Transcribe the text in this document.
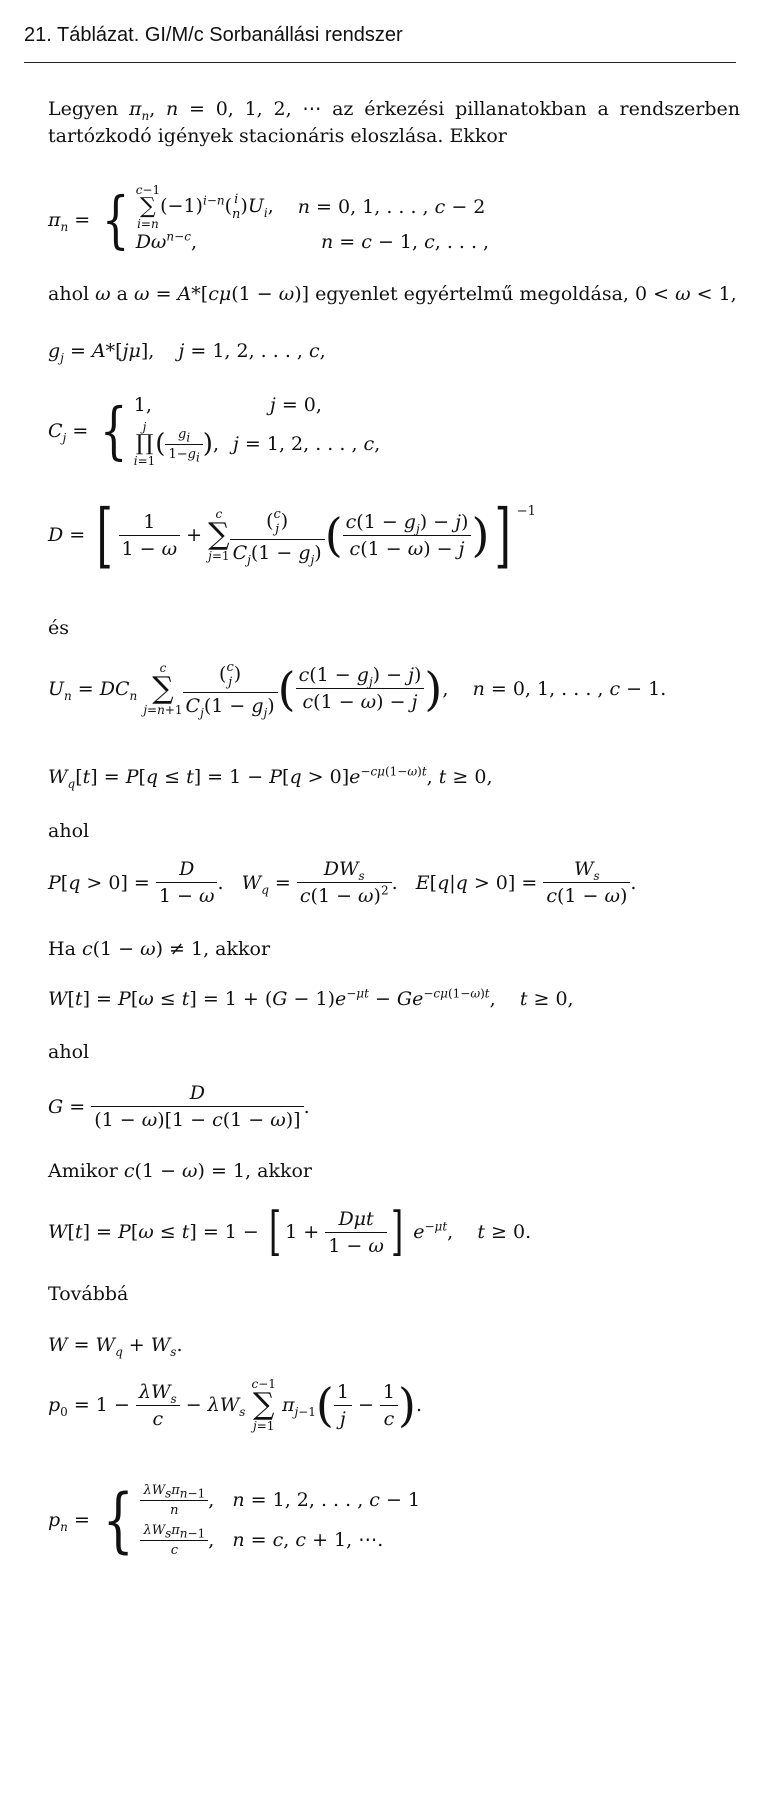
21. Táblázat. GI/M/c Sorbanállási rendszer
Legyen $\pi_n$, n = 0, 1, 2, ⋯ az érkezési pillanatokban a rendszerben
tartózkodó igények stacionáris eloszlása. Ekkor
$\pi_n$ = { c−1
∑
i=n
$(-1)^{i-n}$( i
n )$U_i$, n = 0, 1, . . . , c − 2
$D\omega^{n-c}$,	n = c − 1, c, . . . ,
ahol ω a ω = A*[cμ(1 − ω)] egyenlet egyértelmű megoldása, 0 < ω < 1,
$g_j = A*[j\mu]$,    j = 1, 2, . . . , c,
$C_j$ = { 1,	j = 0,
j
∏
i=1
( $g_i$
$1-g_i$ ) , j = 1, 2, . . . , c,
D = [	1
1 − ω
+
c
∑
j=1
( c
j )
$C_j(1 - g_j)$ ( $c(1 - g_j) - j$)
c(1 − ω) − j ) ] −1
és
$U_n = DC_n$
c
∑
j=n+1
( c
j )
$C_j(1 - g_j)$ ( $c(1 - g_j) - j$)
c(1 − ω) − j ) ,    n = 0, 1, . . . , c − 1.
$W_q[t] = P[q \le t] = 1 - P[q > 0]e^{-c\mu(1-\omega)t}$, t ≥ 0,
ahol
$P[q > 0] = \frac{D}{1 - \omega}$ .   $W_q$ =
$DW_s$
$c(1 - \omega)^2$ .   $E[q|q > 0] = \frac{W_s}{c(1 - \omega)}$ .
Ha c(1 − ω) ≠ 1, akkor
$W[t] = P[\omega \le t] = 1 + (G - 1)e^{-\mu t} - Ge^{-c\mu(1-\omega)t}$,    t ≥ 0,
ahol
$G = \frac{D}{(1 - \omega)[1 - c(1 - \omega)]}$ .
Amikor c(1 − ω) = 1, akkor
W[t] = P[ω ≤ t] = 1 − [ 1 +
Dμt
1 − ω ] $e^{-\mu t}$,    t ≥ 0.
Továbbá
$W = W_q + W_s$.
$p_0 = 1$ −
$\lambda W_s$
c
− $\lambda W_s$
c−1
∑
j=1
$\pi_{j-1}$ ( 1
j
− $\frac{1}{c}$ ) .
$p_n$ = { $\lambda W_s\pi_{n-1}$
n	,   n = 1, 2, . . . , c − 1
$\lambda W_s\pi_{n-1}$
c	,   n = c, c + 1, ⋯.
